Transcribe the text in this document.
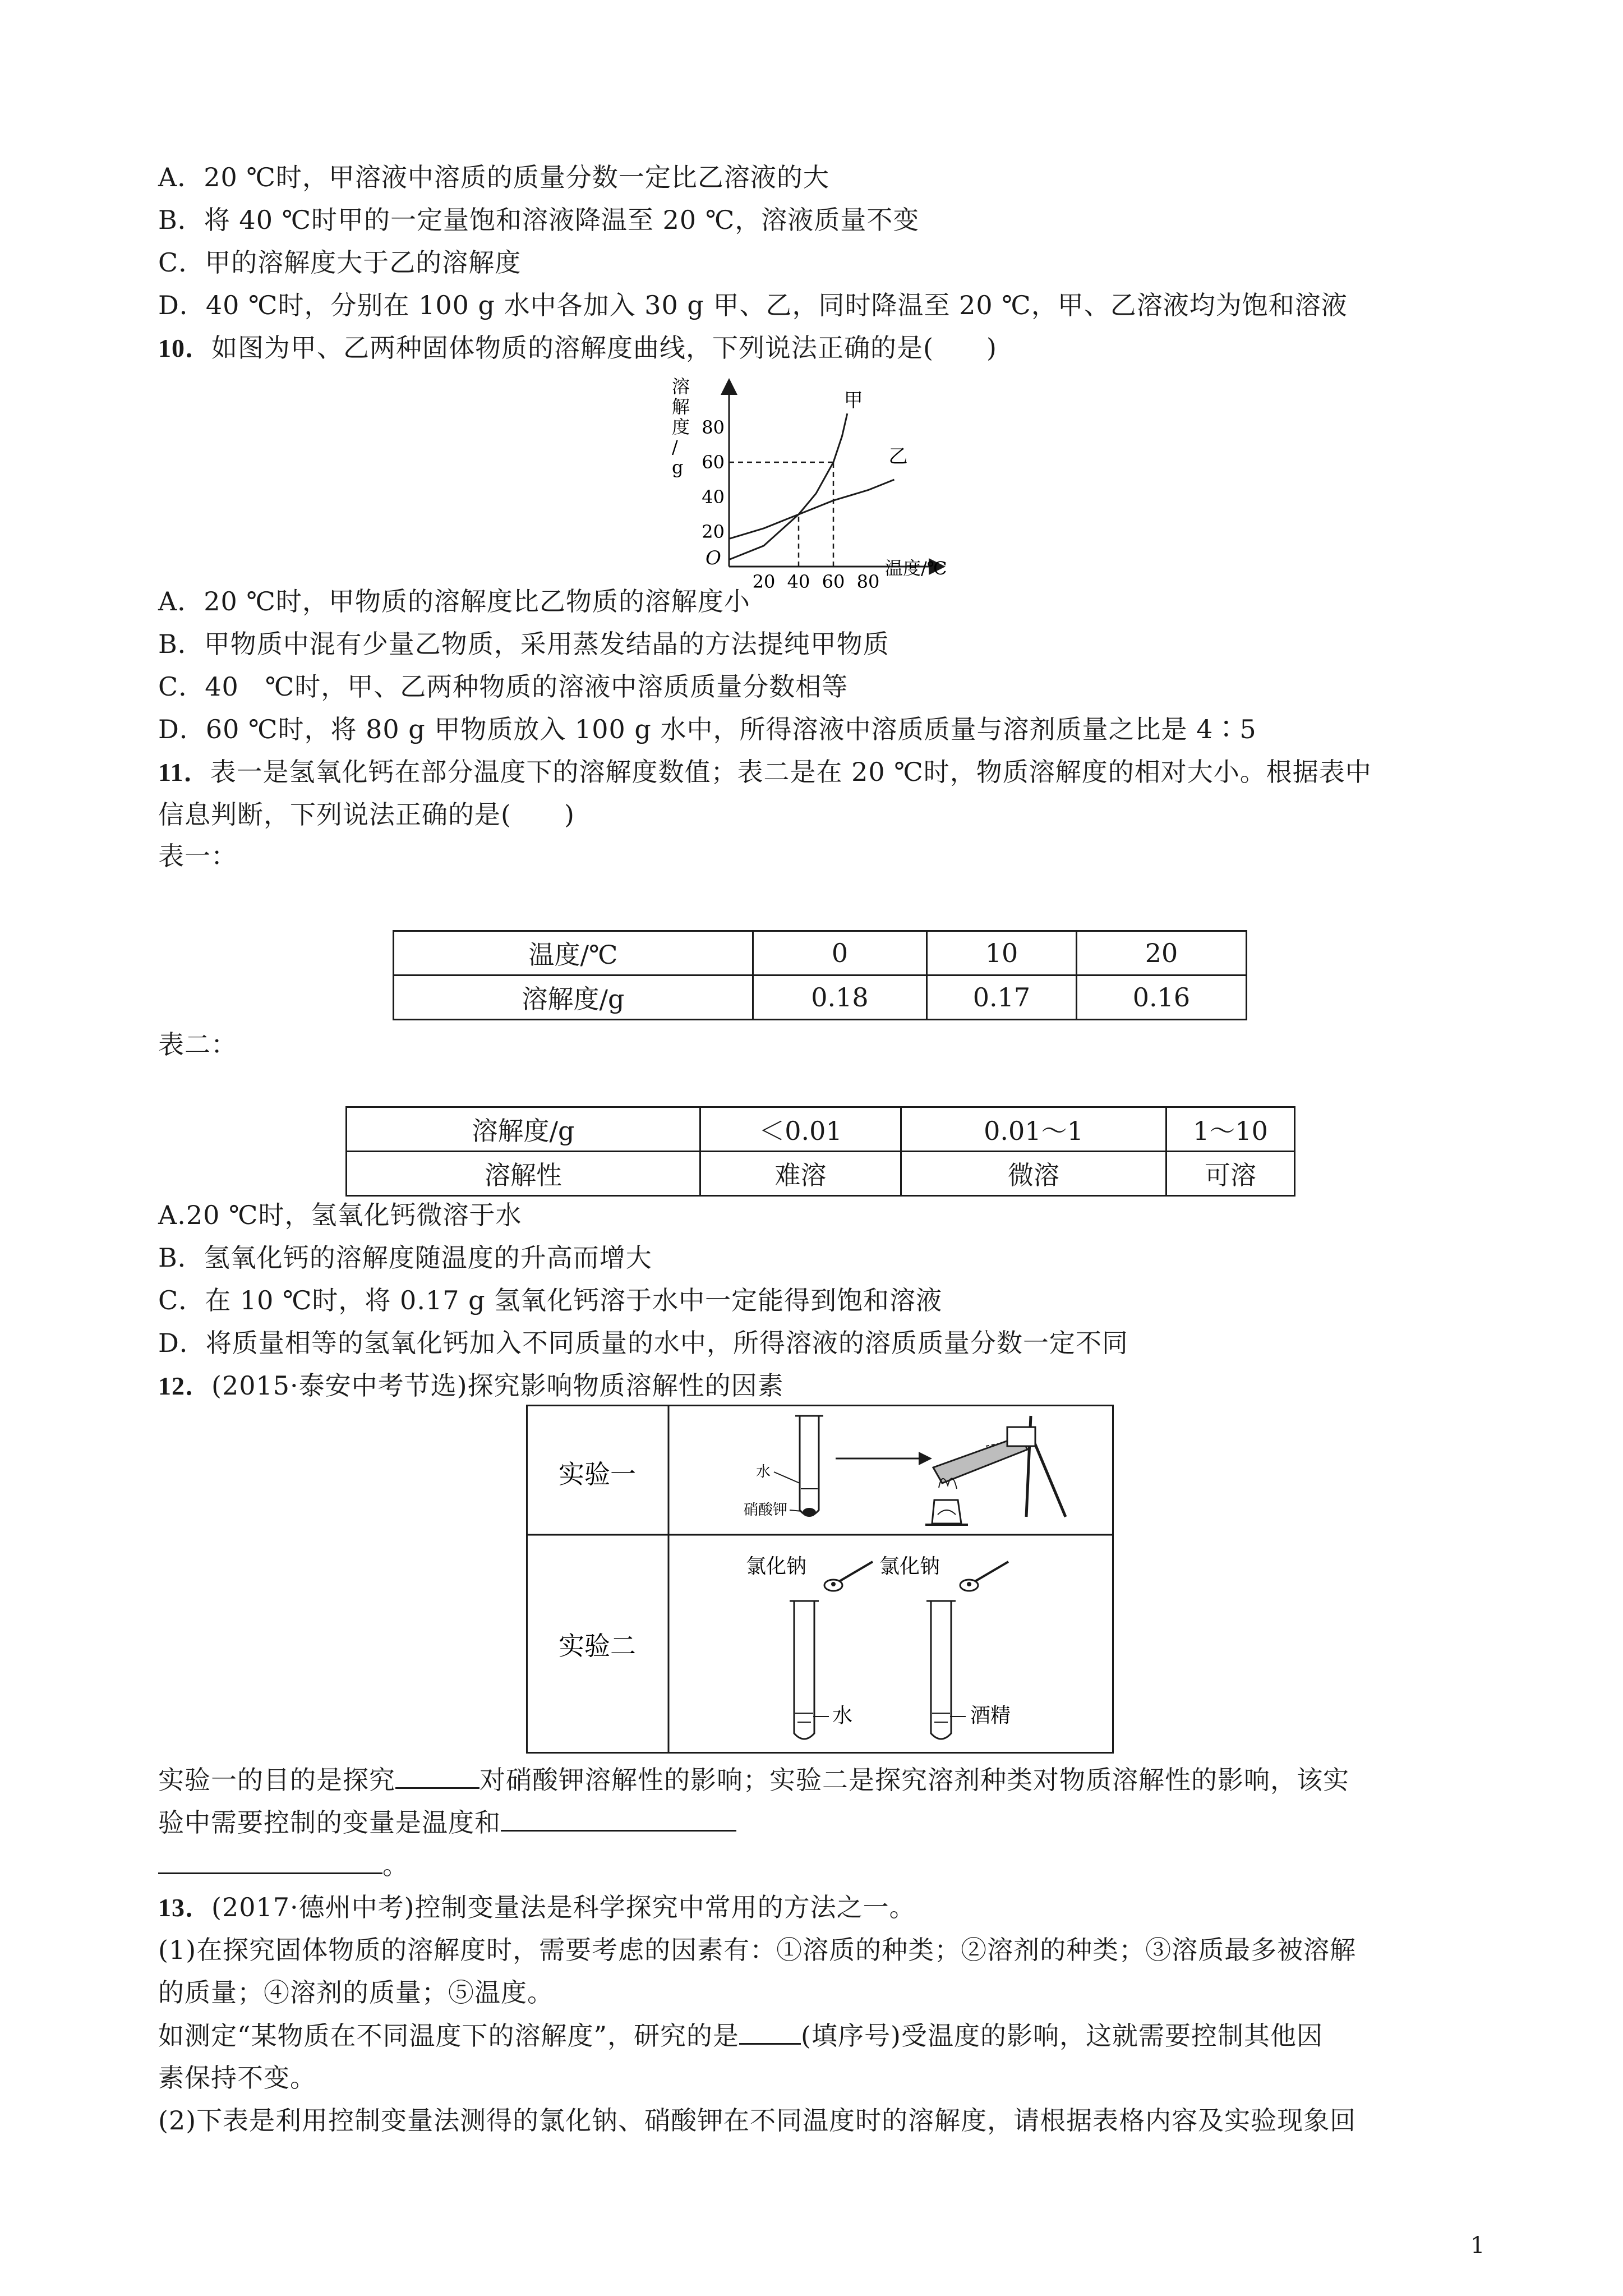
A．20 ℃时，甲溶液中溶质的质量分数一定比乙溶液的大

B．将 40 ℃时甲的一定量饱和溶液降温至 20 ℃，溶液质量不变

C．甲的溶解度大于乙的溶解度

D．40 ℃时，分别在 100 g 水中各加入 30 g 甲、乙，同时降温至 20 ℃，甲、乙溶液均为饱和溶液

10．如图为甲、乙两种固体物质的溶解度曲线，下列说法正确的是(　　)

甲
乙
20 40 60 80
20
40
60
80
溶解度/ g
温度/℃
O

A．20 ℃时，甲物质的溶解度比乙物质的溶解度小

B．甲物质中混有少量乙物质，采用蒸发结晶的方法提纯甲物质

C．40　℃时，甲、乙两种物质的溶液中溶质质量分数相等

D．60 ℃时，将 80 g 甲物质放入 100 g 水中，所得溶液中溶质质量与溶剂质量之比是 4∶5

11．表一是氢氧化钙在部分温度下的溶解度数值；表二是在 20 ℃时，物质溶解度的相对大小。根据表中

信息判断，下列说法正确的是(　　)

表一：

温度/℃	0	10	20
溶解度/g	0.18	0.17	0.16

表二：

溶解度/g	＜0.01	0.01～1	1～10
溶解性	难溶	微溶	可溶

A.20 ℃时，氢氧化钙微溶于水

B．氢氧化钙的溶解度随温度的升高而增大

C．在 10 ℃时，将 0.17 g 氢氧化钙溶于水中一定能得到饱和溶液

D．将质量相等的氢氧化钙加入不同质量的水中，所得溶液的溶质质量分数一定不同

12．(2015·泰安中考节选)探究影响物质溶解性的因素

实验一
实验二
水
硝酸钾
氯化钠	氯化钠
水	酒精

实验一的目的是探究	对硝酸钾溶解性的影响；实验二是探究溶剂种类对物质溶解性的影响，该实

验中需要控制的变量是温度和

。

13．(2017·德州中考)控制变量法是科学探究中常用的方法之一。

(1)在探究固体物质的溶解度时，需要考虑的因素有：①溶质的种类；②溶剂的种类；③溶质最多被溶解

的质量；④溶剂的质量；⑤温度。

如测定“某物质在不同温度下的溶解度”，研究的是 (填序号)受温度的影响，这就需要控制其他因

素保持不变。

(2)下表是利用控制变量法测得的氯化钠、硝酸钾在不同温度时的溶解度，请根据表格内容及实验现象回

1
